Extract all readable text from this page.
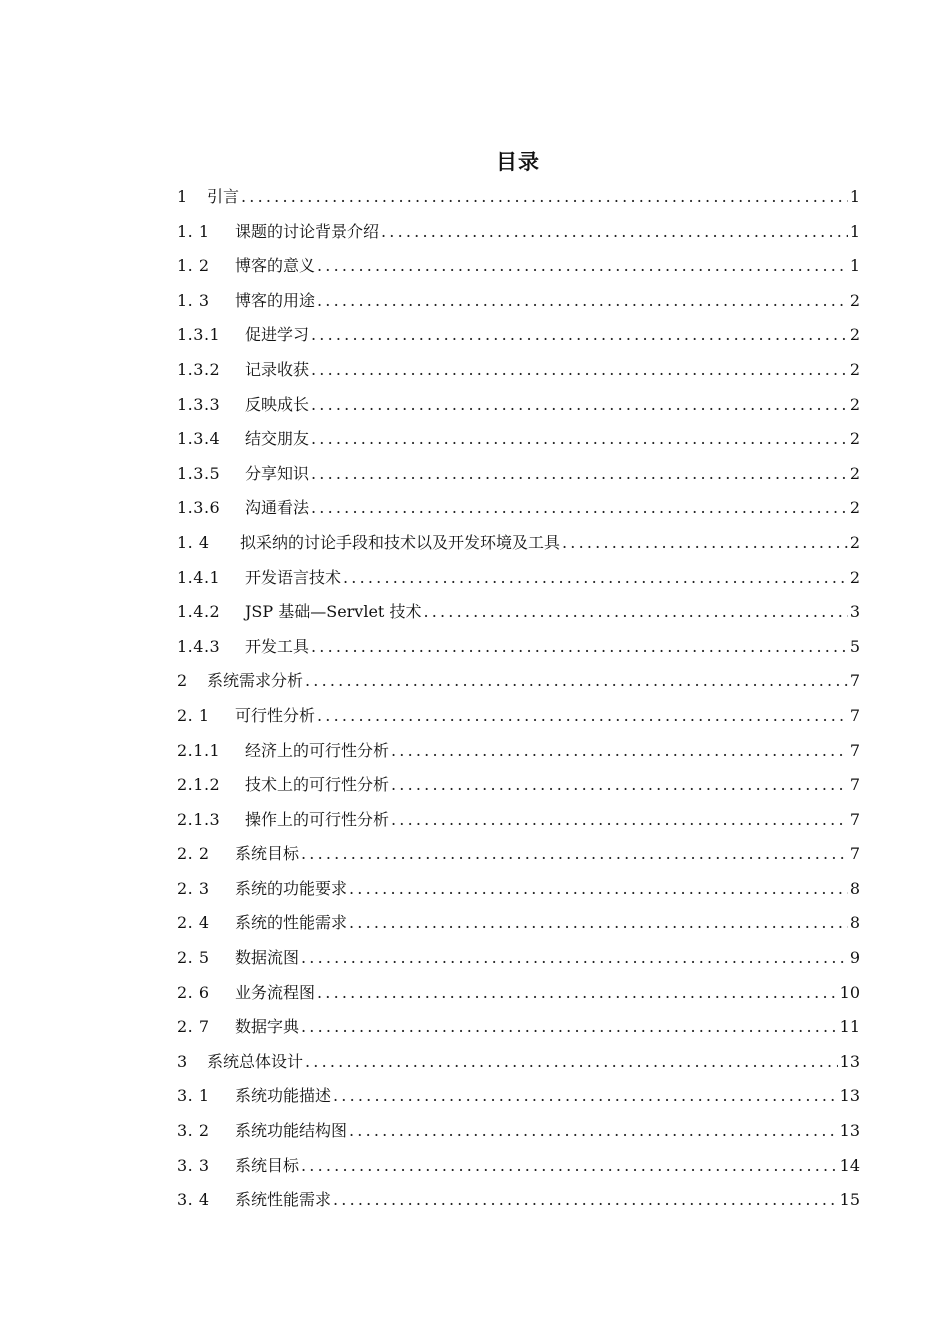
目录
1	引言 .....	1
1. 1	课题的讨论背景介绍 .....	1
1. 2	博客的意义 .....	1
1. 3	博客的用途 .....	2
1.3.1	促进学习 .....	2
1.3.2	记录收获 .....	2
1.3.3	反映成长 .....	2
1.3.4	结交朋友 .....	2
1.3.5	分享知识 .....	2
1.3.6	沟通看法 .....	2
1. 4	拟采纳的讨论手段和技术以及开发环境及工具 .....	2
1.4.1	开发语言技术 .....	2
1.4.2	JSP 基础—Servlet 技术 .....	3
1.4.3	开发工具 .....	5
2	系统需求分析 .....	7
2. 1	可行性分析 .....	7
2.1.1	经济上的可行性分析 .....	7
2.1.2	技术上的可行性分析 .....	7
2.1.3	操作上的可行性分析 .....	7
2. 2	系统目标 .....	7
2. 3	系统的功能要求 .....	8
2. 4	系统的性能需求 .....	8
2. 5	数据流图 .....	9
2. 6	业务流程图 .....	10
2. 7	数据字典 .....	11
3	系统总体设计 .....	13
3. 1	系统功能描述 .....	13
3. 2	系统功能结构图 .....	13
3. 3	系统目标 .....	14
3. 4	系统性能需求 .....	15
